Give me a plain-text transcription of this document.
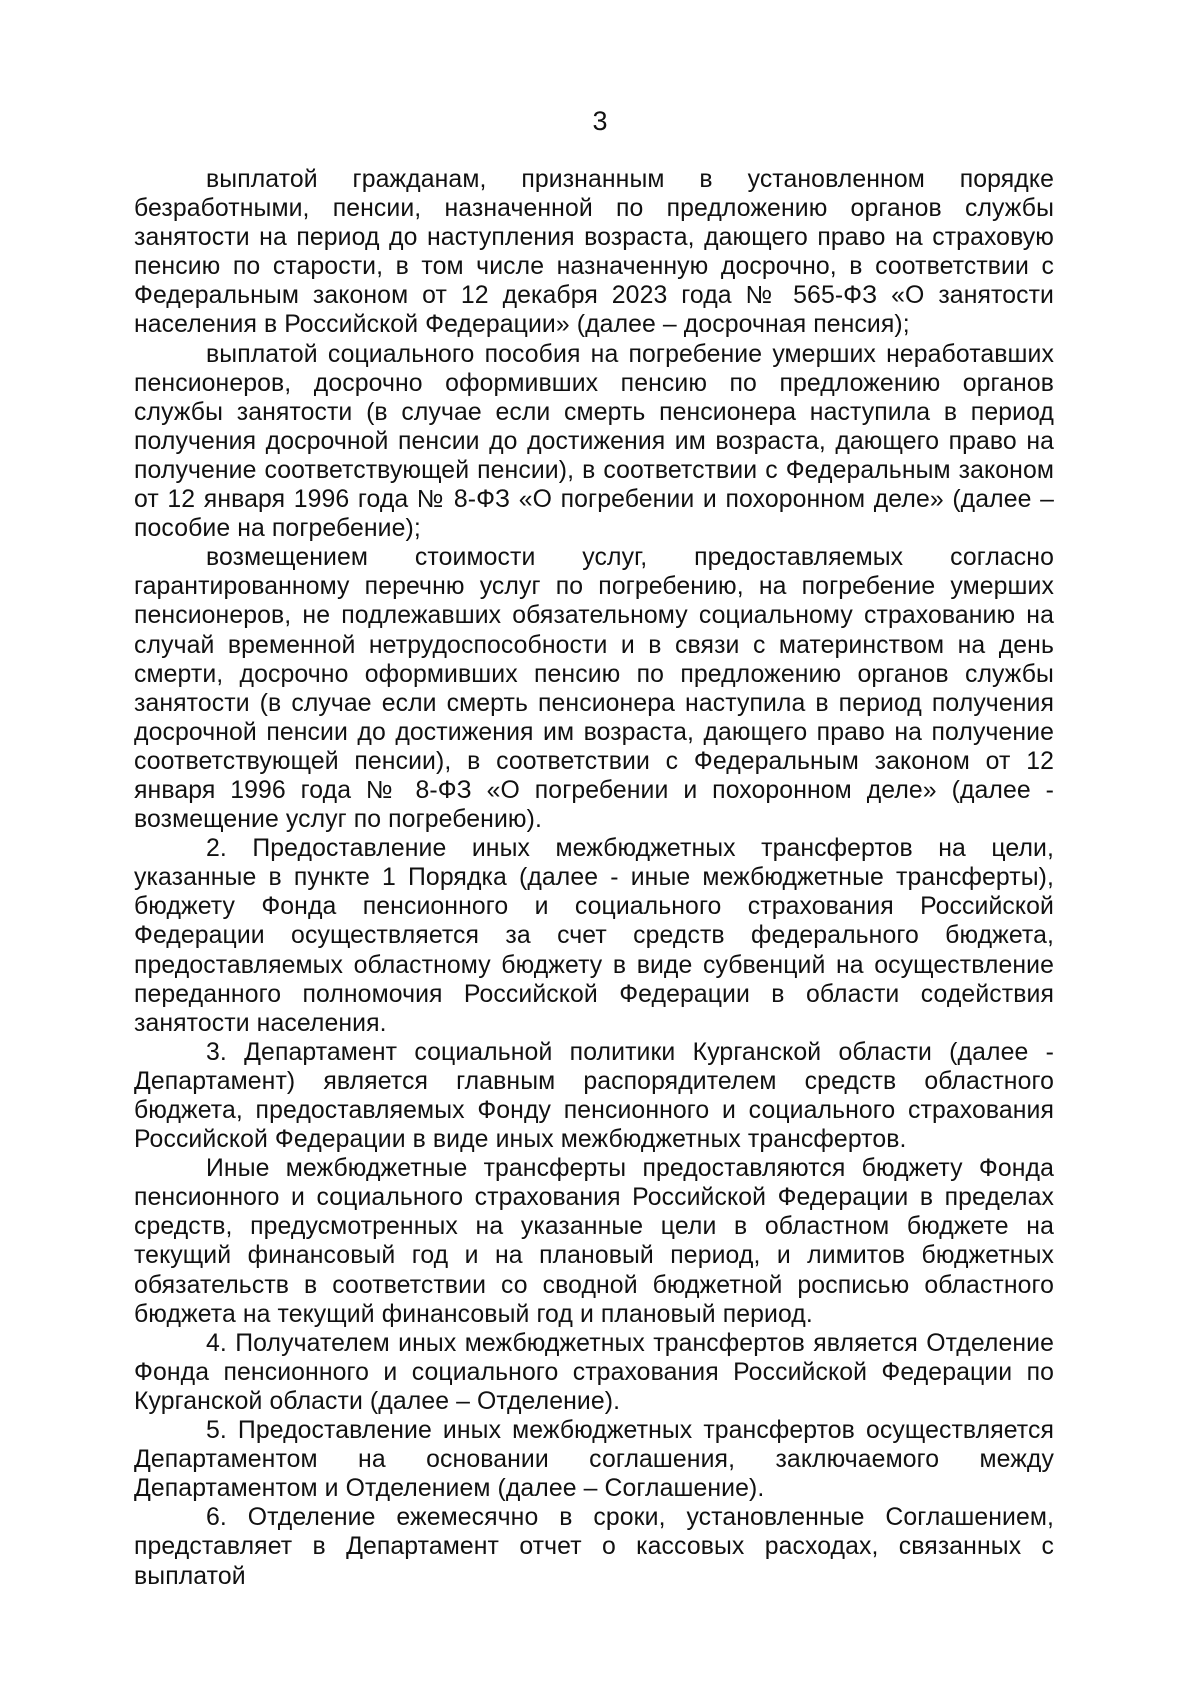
3

выплатой гражданам, признанным в установленном порядке безработными, пенсии, назначенной по предложению органов службы занятости на период до наступления возраста, дающего право на страховую пенсию по старости, в том числе назначенную досрочно, в соответствии с Федеральным законом от 12 декабря 2023 года № 565-ФЗ «О занятости населения в Российской Федерации» (далее – досрочная пенсия);

выплатой социального пособия на погребение умерших неработавших пенсионеров, досрочно оформивших пенсию по предложению органов службы занятости (в случае если смерть пенсионера наступила в период получения досрочной пенсии до достижения им возраста, дающего право на получение соответствующей пенсии), в соответствии с Федеральным законом от 12 января 1996 года № 8-ФЗ «О погребении и похоронном деле» (далее – пособие на погребение);

возмещением стоимости услуг, предоставляемых согласно гарантированному перечню услуг по погребению, на погребение умерших пенсионеров, не подлежавших обязательному социальному страхованию на случай временной нетрудоспособности и в связи с материнством на день смерти, досрочно оформивших пенсию по предложению органов службы занятости (в случае если смерть пенсионера наступила в период получения досрочной пенсии до достижения им возраста, дающего право на получение соответствующей пенсии), в соответствии с Федеральным законом от 12 января 1996 года № 8-ФЗ «О погребении и похоронном деле» (далее - возмещение услуг по погребению).

2. Предоставление иных межбюджетных трансфертов на цели, указанные в пункте 1 Порядка (далее - иные межбюджетные трансферты), бюджету Фонда пенсионного и социального страхования Российской Федерации осуществляется за счет средств федерального бюджета, предоставляемых областному бюджету в виде субвенций на осуществление переданного полномочия Российской Федерации в области содействия занятости населения.

3. Департамент социальной политики Курганской области (далее - Департамент) является главным распорядителем средств областного бюджета, предоставляемых Фонду пенсионного и социального страхования Российской Федерации в виде иных межбюджетных трансфертов.

Иные межбюджетные трансферты предоставляются бюджету Фонда пенсионного и социального страхования Российской Федерации в пределах средств, предусмотренных на указанные цели в областном бюджете на текущий финансовый год и на плановый период, и лимитов бюджетных обязательств в соответствии со сводной бюджетной росписью областного бюджета на текущий финансовый год и плановый период.

4. Получателем иных межбюджетных трансфертов является Отделение Фонда пенсионного и социального страхования Российской Федерации по Курганской области (далее – Отделение).

5. Предоставление иных межбюджетных трансфертов осуществляется Департаментом на основании соглашения, заключаемого между Департаментом и Отделением (далее – Соглашение).

6. Отделение ежемесячно в сроки, установленные Соглашением, представляет в Департамент отчет о кассовых расходах, связанных с выплатой
